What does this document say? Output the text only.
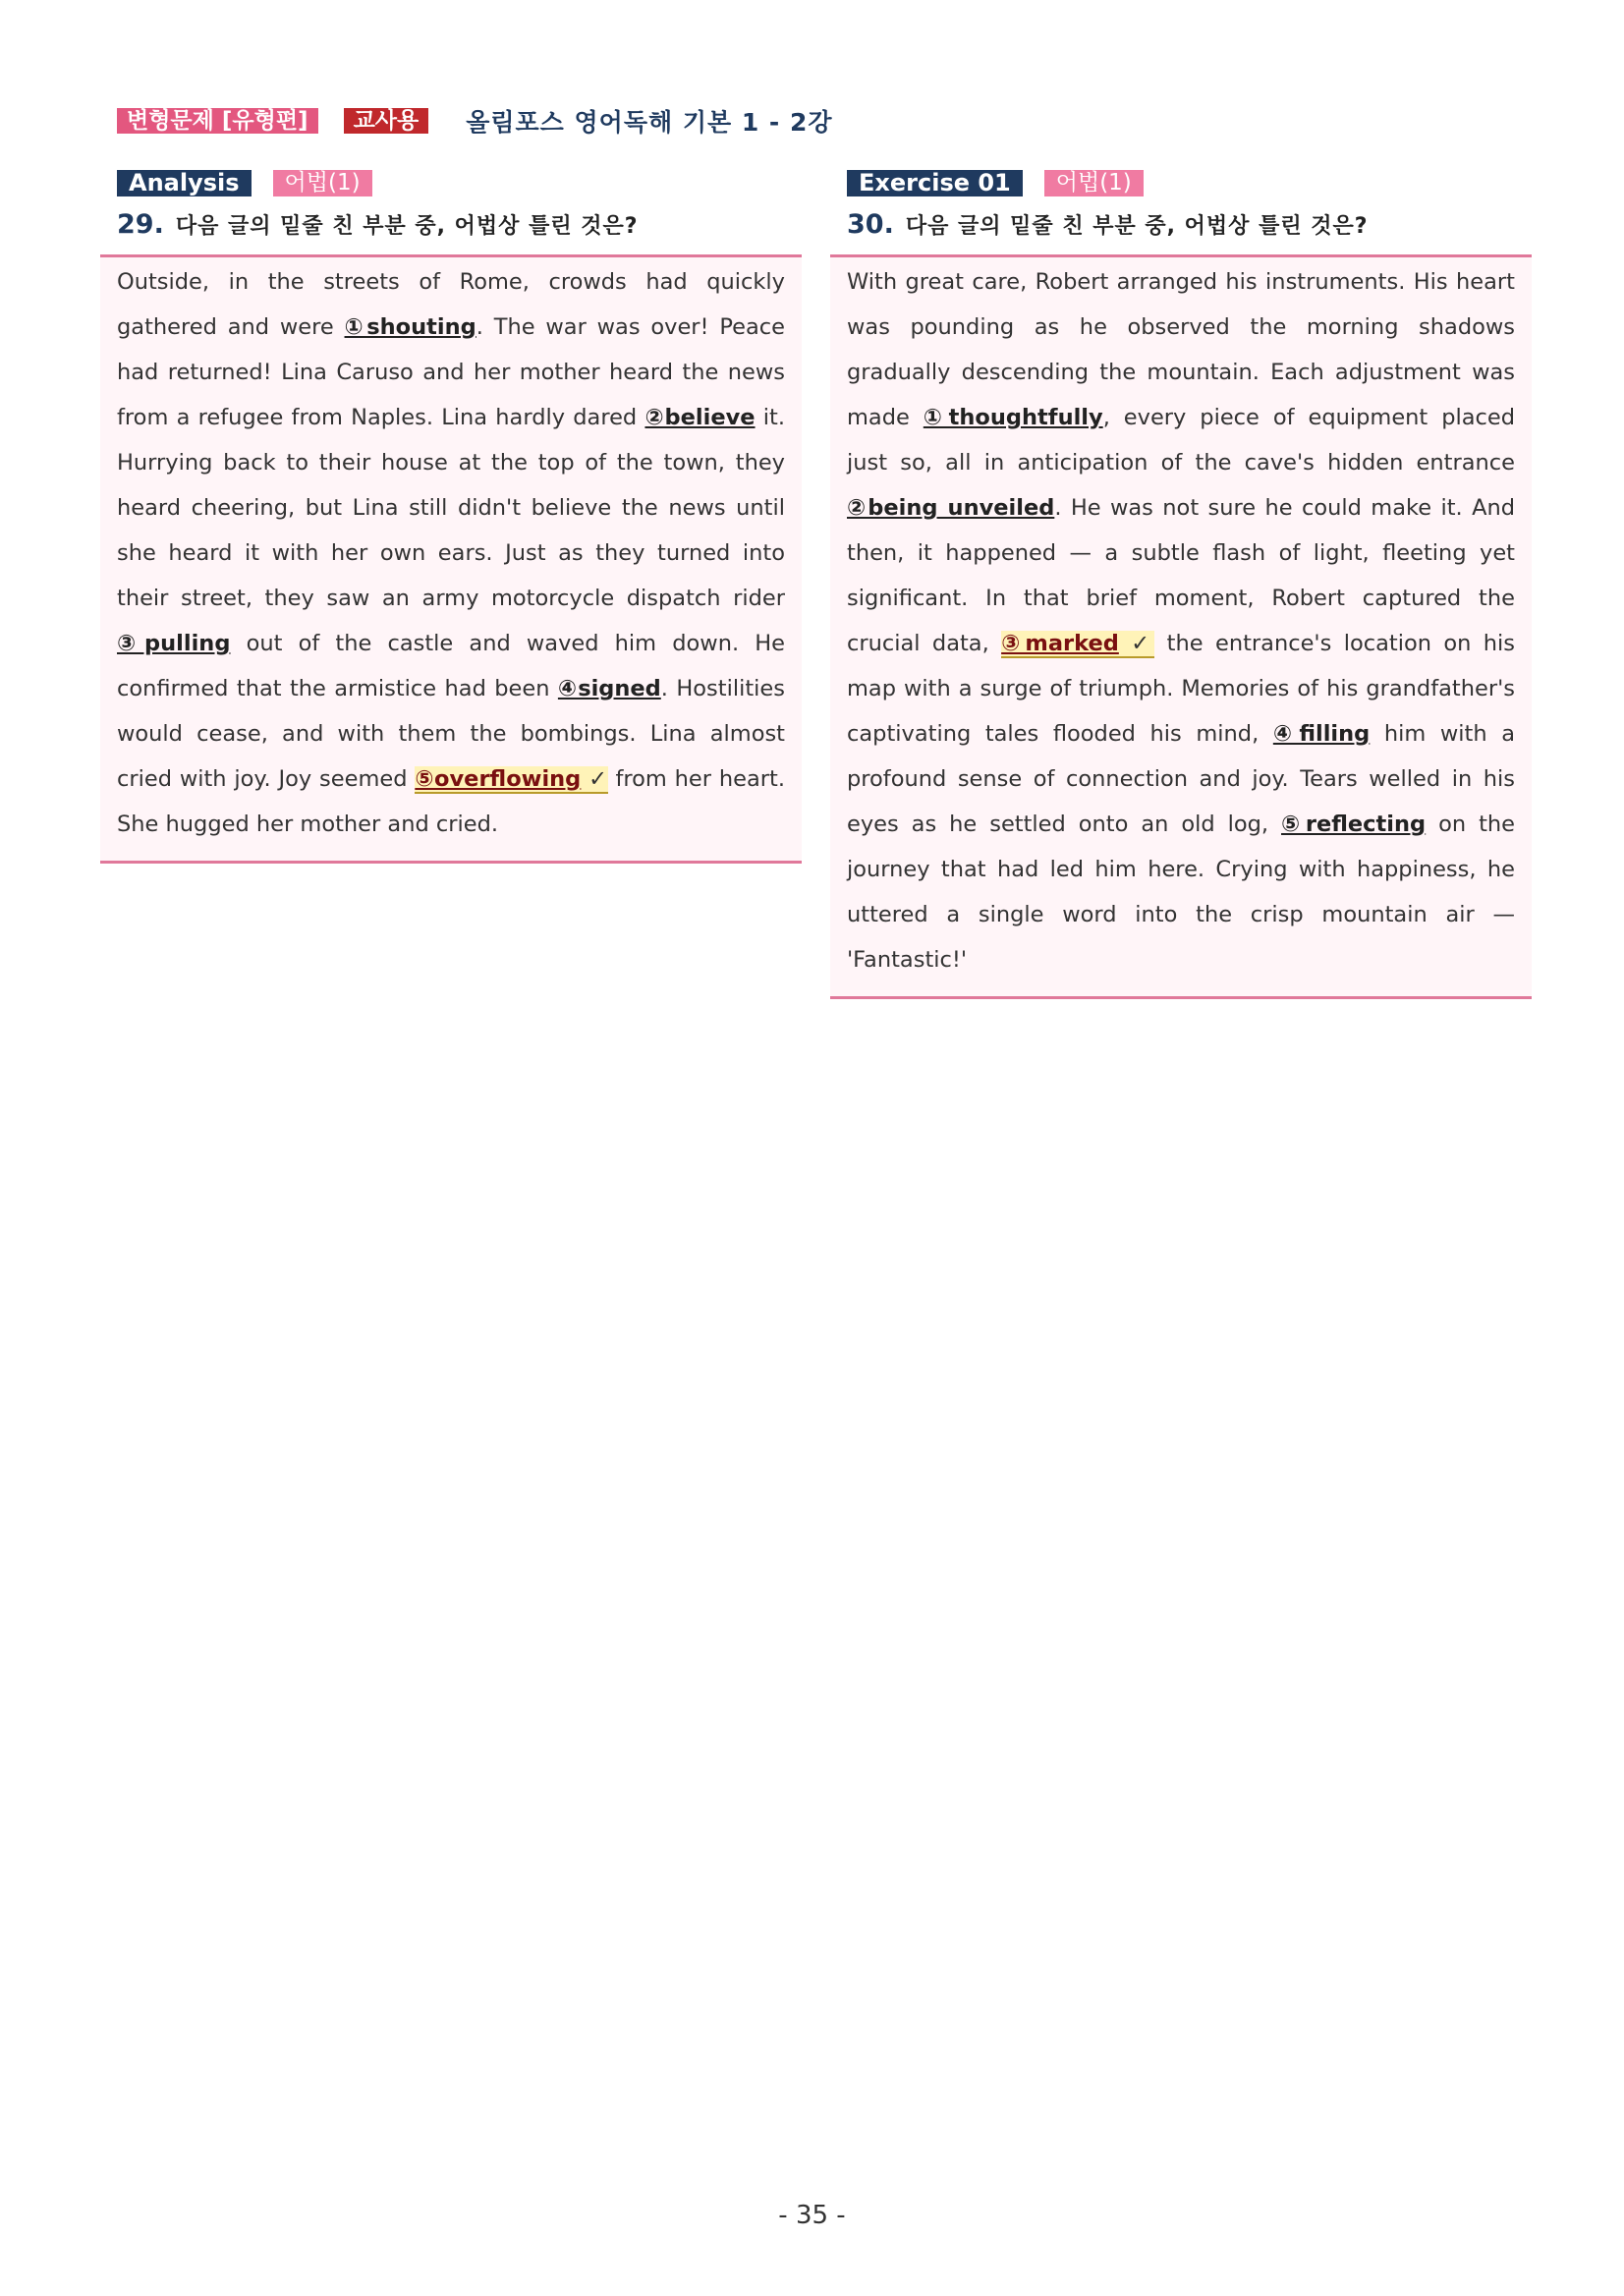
변형문제 [유형편]	교사용	올림포스 영어독해 기본 1 - 2강
Analysis	어법(1)
29. 다음 글의 밑줄 친 부분 중, 어법상 틀린 것은?

Outside, in the streets of Rome, crowds had quickly gathered and were ①shouting. The war was over! Peace had returned! Lina Caruso and her mother heard the news from a refugee from Naples. Lina hardly dared ②believe it. Hurrying back to their house at the top of the town, they heard cheering, but Lina still didn't believe the news until she heard it with her own ears. Just as they turned into their street, they saw an army motorcycle dispatch rider ③pulling out of the castle and waved him down. He confirmed that the armistice had been ④signed. Hostilities would cease, and with them the bombings. Lina almost cried with joy. Joy seemed ⑤overflowing ✓ from her heart. She hugged her mother and cried.

Exercise 01	어법(1)
30. 다음 글의 밑줄 친 부분 중, 어법상 틀린 것은?

With great care, Robert arranged his instruments. His heart was pounding as he observed the morning shadows gradually descending the mountain. Each adjustment was made ①thoughtfully, every piece of equipment placed just so, all in anticipation of the cave's hidden entrance ②being unveiled. He was not sure he could make it. And then, it happened — a subtle flash of light, fleeting yet significant. In that brief moment, Robert captured the crucial data, ③marked ✓ the entrance's location on his map with a surge of triumph. Memories of his grandfather's captivating tales flooded his mind, ④filling him with a profound sense of connection and joy. Tears welled in his eyes as he settled onto an old log, ⑤reflecting on the journey that had led him here. Crying with happiness, he uttered a single word into the crisp mountain air — 'Fantastic!'

- 35 -
